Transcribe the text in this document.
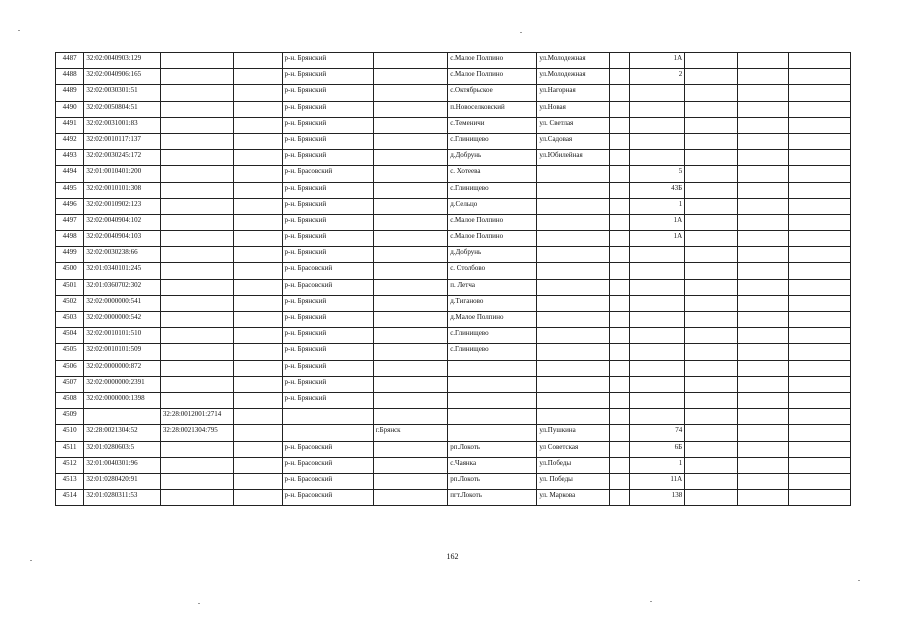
4487	32:02:0040903:129			р-н. Брянский		с.Малое Полпино	ул.Молодежная		1А			
4488	32:02:0040906:165			р-н. Брянский		с.Малое Полпино	ул.Молодежная		2			
4489	32:02:0030301:51			р-н. Брянский		с.Октябрьское	ул.Нагорная					
4490	32:02:0050804:51			р-н. Брянский		п.Новоселковский	ул.Новая					
4491	32:02:0031001:83			р-н. Брянский		с.Теменичи	ул. Светлая					
4492	32:02:0010117:137			р-н. Брянский		с.Глинищево	ул.Садовая					
4493	32:02:0030245:172			р-н. Брянский		д.Добрунь	ул.Юбилейная					
4494	32:01:0010401:200			р-н. Брасовский		с. Хотеева			5			
4495	32:02:0010101:308			р-н. Брянский		с.Глинищево			43Б			
4496	32:02:0010902:123			р-н. Брянский		д.Сельцо			1			
4497	32:02:0040904:102			р-н. Брянский		с.Малое Полпино			1А			
4498	32:02:0040904:103			р-н. Брянский		с.Малое Полпино			1А			
4499	32:02:0030238:66			р-н. Брянский		д.Добрунь						
4500	32:01:0340101:245			р-н. Брасовский		с. Столбово						
4501	32:01:0360702:302			р-н. Брасовский		п. Летча						
4502	32:02:0000000:541			р-н. Брянский		д.Тиганово						
4503	32:02:0000000:542			р-н. Брянский		д.Малое Полпино						
4504	32:02:0010101:510			р-н. Брянский		с.Глинищево						
4505	32:02:0010101:509			р-н. Брянский		с.Глинищево						
4506	32:02:0000000:872			р-н. Брянский								
4507	32:02:0000000:2391			р-н. Брянский								
4508	32:02:0000000:1398			р-н. Брянский								
4509		32:28:0012001:2714										
4510	32:28:0021304:52	32:28:0021304:795			г.Брянск		ул.Пушкина		74			
4511	32:01:0280603:5			р-н. Брасовский		рп.Локоть	ул Советская		6Б			
4512	32:01:0040301:96			р-н. Брасовский		с.Чаянка	ул.Победы		1			
4513	32:01:0280420:91			р-н. Брасовский		рп.Локоть	ул. Победы		11А			
4514	32:01:0280311:53			р-н. Брасовский		пгт.Локоть	ул. Маркова		138			
162
